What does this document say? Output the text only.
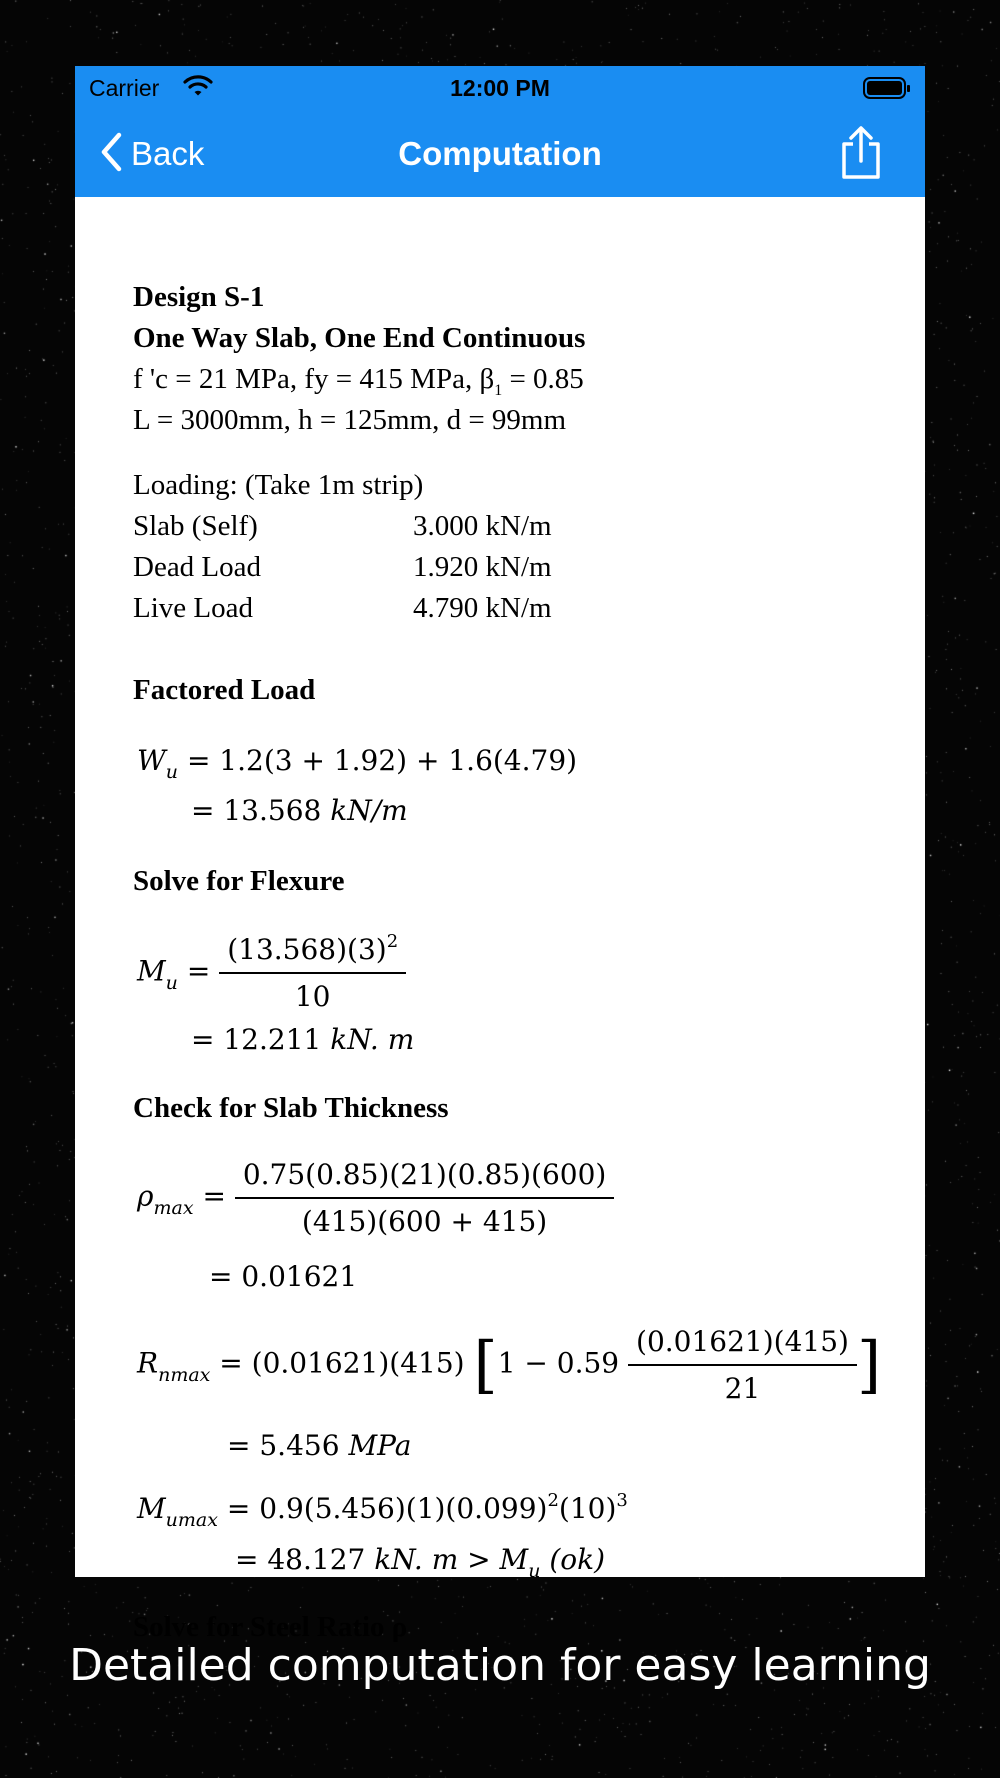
Carrier	12:00 PM
Back	Computation
Design S-1
One Way Slab, One End Continuous
f 'c = 21 MPa, fy = 415 MPa, $\beta_1 = 0.85$
L = 3000mm, h = 125mm, d = 99mm
Loading: (Take 1m strip)
Slab (Self)	3.000 kN/m
Dead Load	1.920 kN/m
Live Load	4.790 kN/m
Factored Load
$W_u = 1.2(3 + 1.92) + 1.6(4.79)$
= 13.568 kN/m
Solve for Flexure
$M_u = \frac{(13.568)(3)^2}{10}$
= 12.211 kN. m
Check for Slab Thickness
$\rho_{max} = \frac{0.75(0.85)(21)(0.85)(600)}{(415)(600 + 415)}$
= 0.01621
$R_{nmax} = (0.01621)(415) [1 - 0.59 \frac{(0.01621)(415)}{21}$ ]
= 5.456 MPa
$M_{umax} = 0.9(5.456)(1)(0.099)^2(10)^3$
= 48.127 kN. $m > M_u$ (ok)
Solve for Steel Ratio ρ
Detailed computation for easy learning
